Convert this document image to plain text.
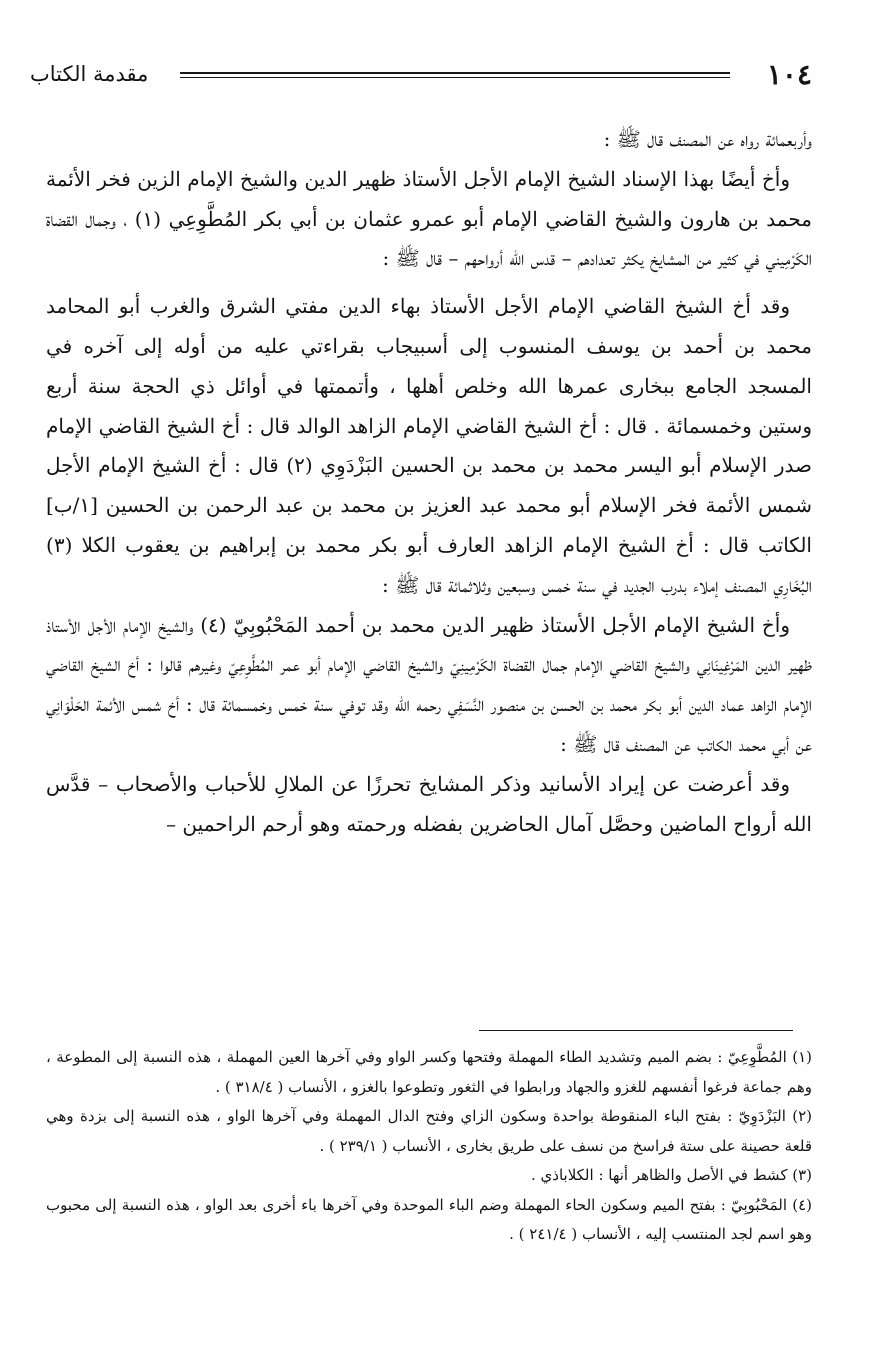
١٠٤
مقدمة الكتاب

وأربعمائة رواه عن المصنف قال ﷺ :

وأخ أيضًا بهذا الإسناد الشيخ الإمام الأجل الأستاذ ظهير الدين والشيخ الإمام الزين فخر الأئمة محمد بن هارون والشيخ القاضي الإمام أبو عمرو عثمان بن أبي بكر المُطَّوِعِي (١) ، وجمال القضاة الكَرْمِيني في كثير من المشايخ يكثر تعدادهم – قدس الله أرواحهم – قال ﷺ :

وقد أخ الشيخ القاضي الإمام الأجل الأستاذ بهاء الدين مفتي الشرق والغرب أبو المحامد محمد بن أحمد بن يوسف المنسوب إلى أسبيجاب بقراءتي عليه من أوله إلى آخره في المسجد الجامع ببخارى عمرها الله وخلص أهلها ، وأتممتها في أوائل ذي الحجة سنة أربع وستين وخمسمائة . قال : أخ الشيخ القاضي الإمام الزاهد الوالد قال : أخ الشيخ القاضي الإمام صدر الإسلام أبو اليسر محمد بن محمد بن الحسين البَزْدَوِي (٢) قال : أخ الشيخ الإمام الأجل شمس الأئمة فخر الإسلام أبو محمد عبد العزيز بن محمد بن عبد الرحمن بن الحسين [١/ب] الكاتب قال : أخ الشيخ الإمام الزاهد العارف أبو بكر محمد بن إبراهيم بن يعقوب الكلا (٣) البُخَارِي المصنف إملاء بدرب الجديد في سنة خمس وسبعين وثلاثمائة قال ﷺ :

وأخ الشيخ الإمام الأجل الأستاذ ظهير الدين محمد بن أحمد المَحْبُوبِيّ (٤) والشيخ الإمام الأجل الأستاذ ظهير الدين المَرْغِينَانِي والشيخ القاضي الإمام جمال القضاة الكَرْمِينِيّ والشيخ القاضي الإمام أبو عمر المُطَّوِعِيّ وغيرهم قالوا : أخ الشيخ القاضي الإمام الزاهد عماد الدين أبو بكر محمد بن الحسن بن منصور النَّسَفِي رحمه الله وقد توفي سنة خمس وخمسمائة قال : أخ شمس الأئمة الحَلْوَانِي عن أبي محمد الكاتب عن المصنف قال ﷺ :

وقد أعرضت عن إيراد الأسانيد وذكر المشايخ تحرزًا عن الملالِ للأحباب والأصحاب – قدَّس الله أرواح الماضين وحصَّل آمال الحاضرين بفضله ورحمته وهو أرحم الراحمين –

(١) المُطَّوِعِيّ : بضم الميم وتشديد الطاء المهملة وفتحها وكسر الواو وفي آخرها العين المهملة ، هذه النسبة إلى المطوعة ، وهم جماعة فرغوا أنفسهم للغزو والجهاد ورابطوا في الثغور وتطوعوا بالغزو ، الأنساب ( ٣١٨/٤ ) .

(٢) البَزْدَوِيّ : بفتح الباء المنقوطة بواحدة وسكون الزاي وفتح الدال المهملة وفي آخرها الواو ، هذه النسبة إلى بزدة وهي قلعة حصينة على ستة فراسخ من نسف على طريق بخارى ، الأنساب ( ٢٣٩/١ ) .

(٣) كشط في الأصل والظاهر أنها : الكلاباذي .

(٤) المَحْبُوبِيّ : بفتح الميم وسكون الحاء المهملة وضم الباء الموحدة وفي آخرها باء أخرى بعد الواو ، هذه النسبة إلى محبوب وهو اسم لجد المنتسب إليه ، الأنساب ( ٢٤١/٤ ) .
